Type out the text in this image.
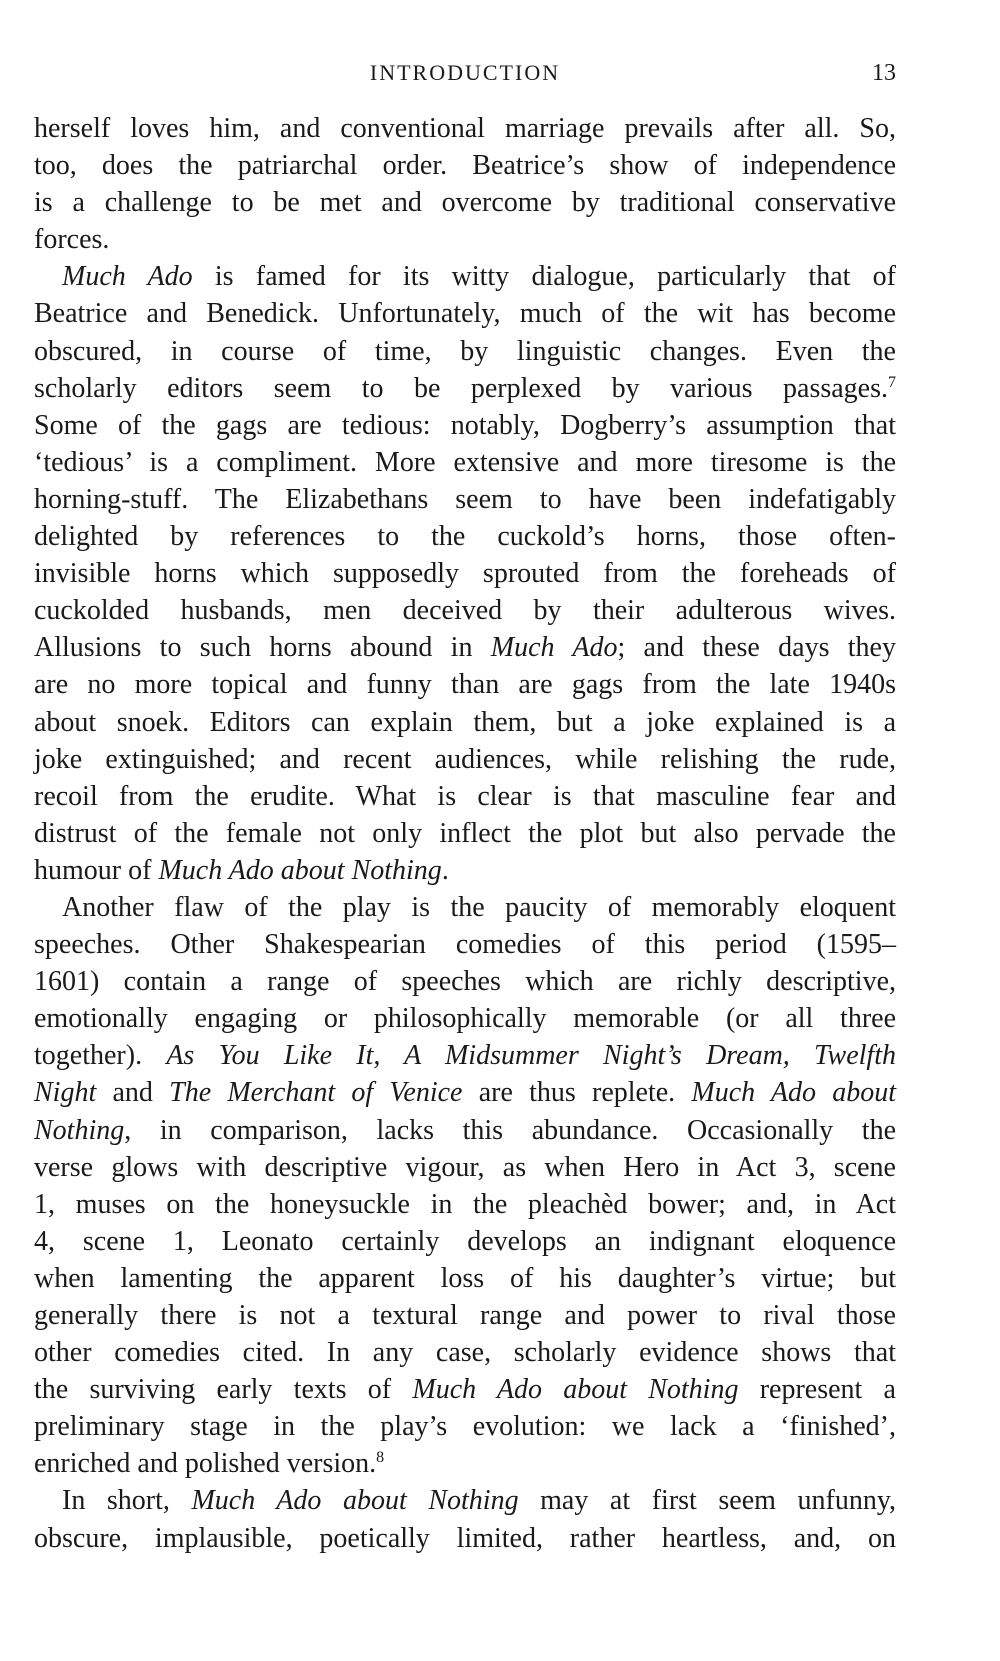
INTRODUCTION	13
herself loves him, and conventional marriage prevails after all. So,
too, does the patriarchal order. Beatrice’s show of independence
is a challenge to be met and overcome by traditional conservative
forces.
Much Ado is famed for its witty dialogue, particularly that of
Beatrice and Benedick. Unfortunately, much of the wit has become
obscured, in course of time, by linguistic changes. Even the
scholarly editors seem to be perplexed by various passages.$^7$
Some of the gags are tedious: notably, Dogberry’s assumption that
‘tedious’ is a compliment. More extensive and more tiresome is the
horning-stuff. The Elizabethans seem to have been indefatigably
delighted by references to the cuckold’s horns, those often-
invisible horns which supposedly sprouted from the foreheads of
cuckolded husbands, men deceived by their adulterous wives.
Allusions to such horns abound in Much Ado; and these days they
are no more topical and funny than are gags from the late 1940s
about snoek. Editors can explain them, but a joke explained is a
joke extinguished; and recent audiences, while relishing the rude,
recoil from the erudite. What is clear is that masculine fear and
distrust of the female not only inflect the plot but also pervade the
humour of Much Ado about Nothing.
Another flaw of the play is the paucity of memorably eloquent
speeches. Other Shakespearian comedies of this period (1595–
1601) contain a range of speeches which are richly descriptive,
emotionally engaging or philosophically memorable (or all three
together). As You Like It, A Midsummer Night’s Dream, Twelfth
Night and The Merchant of Venice are thus replete. Much Ado about
Nothing, in comparison, lacks this abundance. Occasionally the
verse glows with descriptive vigour, as when Hero in Act 3, scene
1, muses on the honeysuckle in the pleachèd bower; and, in Act
4, scene 1, Leonato certainly develops an indignant eloquence
when lamenting the apparent loss of his daughter’s virtue; but
generally there is not a textural range and power to rival those
other comedies cited. In any case, scholarly evidence shows that
the surviving early texts of Much Ado about Nothing represent a
preliminary stage in the play’s evolution: we lack a ‘finished’,
enriched and polished version.$^8$
In short, Much Ado about Nothing may at first seem unfunny,
obscure, implausible, poetically limited, rather heartless, and, on
